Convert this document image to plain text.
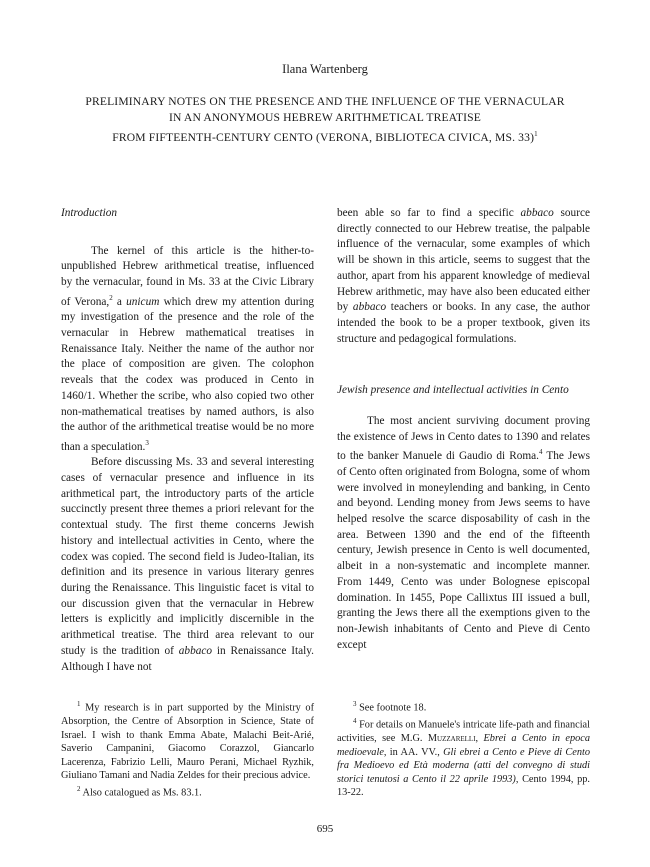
Ilana Wartenberg
PRELIMINARY NOTES ON THE PRESENCE AND THE INFLUENCE OF THE VERNACULAR
IN AN ANONYMOUS HEBREW ARITHMETICAL TREATISE
FROM FIFTEENTH-CENTURY CENTO (VERONA, BIBLIOTECA CIVICA, MS. 33)$^1$

Introduction

The kernel of this article is the hither-to-unpublished Hebrew arithmetical treatise, influenced by the vernacular, found in Ms. 33 at the Civic Library of Verona,$^2$ a unicum which drew my attention during my investigation of the presence and the role of the vernacular in Hebrew mathematical treatises in Renaissance Italy. Neither the name of the author nor the place of composition are given. The colophon reveals that the codex was produced in Cento in 1460/1. Whether the scribe, who also copied two other non-mathematical treatises by named authors, is also the author of the arithmetical treatise would be no more than a speculation.$^3$

Before discussing Ms. 33 and several interesting cases of vernacular presence and influence in its arithmetical part, the introductory parts of the article succinctly present three themes a priori relevant for the contextual study. The first theme concerns Jewish history and intellectual activities in Cento, where the codex was copied. The second field is Judeo-Italian, its definition and its presence in various literary genres during the Renaissance. This linguistic facet is vital to our discussion given that the vernacular in Hebrew letters is explicitly and implicitly discernible in the arithmetical treatise. The third area relevant to our study is the tradition of abbaco in Renaissance Italy. Although I have not

been able so far to find a specific abbaco source directly connected to our Hebrew treatise, the palpable influence of the vernacular, some examples of which will be shown in this article, seems to suggest that the author, apart from his apparent knowledge of medieval Hebrew arithmetic, may have also been educated either by abbaco teachers or books. In any case, the author intended the book to be a proper textbook, given its structure and pedagogical formulations.

Jewish presence and intellectual activities in Cento

The most ancient surviving document proving the existence of Jews in Cento dates to 1390 and relates to the banker Manuele di Gaudio di Roma.$^4$ The Jews of Cento often originated from Bologna, some of whom were involved in moneylending and banking, in Cento and beyond. Lending money from Jews seems to have helped resolve the scarce disposability of cash in the area. Between 1390 and the end of the fifteenth century, Jewish presence in Cento is well documented, albeit in a non-systematic and incomplete manner. From 1449, Cento was under Bolognese episcopal domination. In 1455, Pope Callixtus III issued a bull, granting the Jews there all the exemptions given to the non-Jewish inhabitants of Cento and Pieve di Cento except

$^1$ My research is in part supported by the Ministry of Absorption, the Centre of Absorption in Science, State of Israel. I wish to thank Emma Abate, Malachi Beit-Arié, Saverio Campanini, Giacomo Corazzol, Giancarlo Lacerenza, Fabrizio Lelli, Mauro Perani, Michael Ryzhik, Giuliano Tamani and Nadia Zeldes for their precious advice.

$^2$ Also catalogued as Ms. 83.1.

$^3$ See footnote 18.

$^4$ For details on Manuele's intricate life-path and financial activities, see M.G. Muzzarelli, Ebrei a Cento in epoca medioevale, in AA. VV., Gli ebrei a Cento e Pieve di Cento fra Medioevo ed Età moderna (atti del convegno di studi storici tenutosi a Cento il 22 aprile 1993), Cento 1994, pp. 13-22.

695
